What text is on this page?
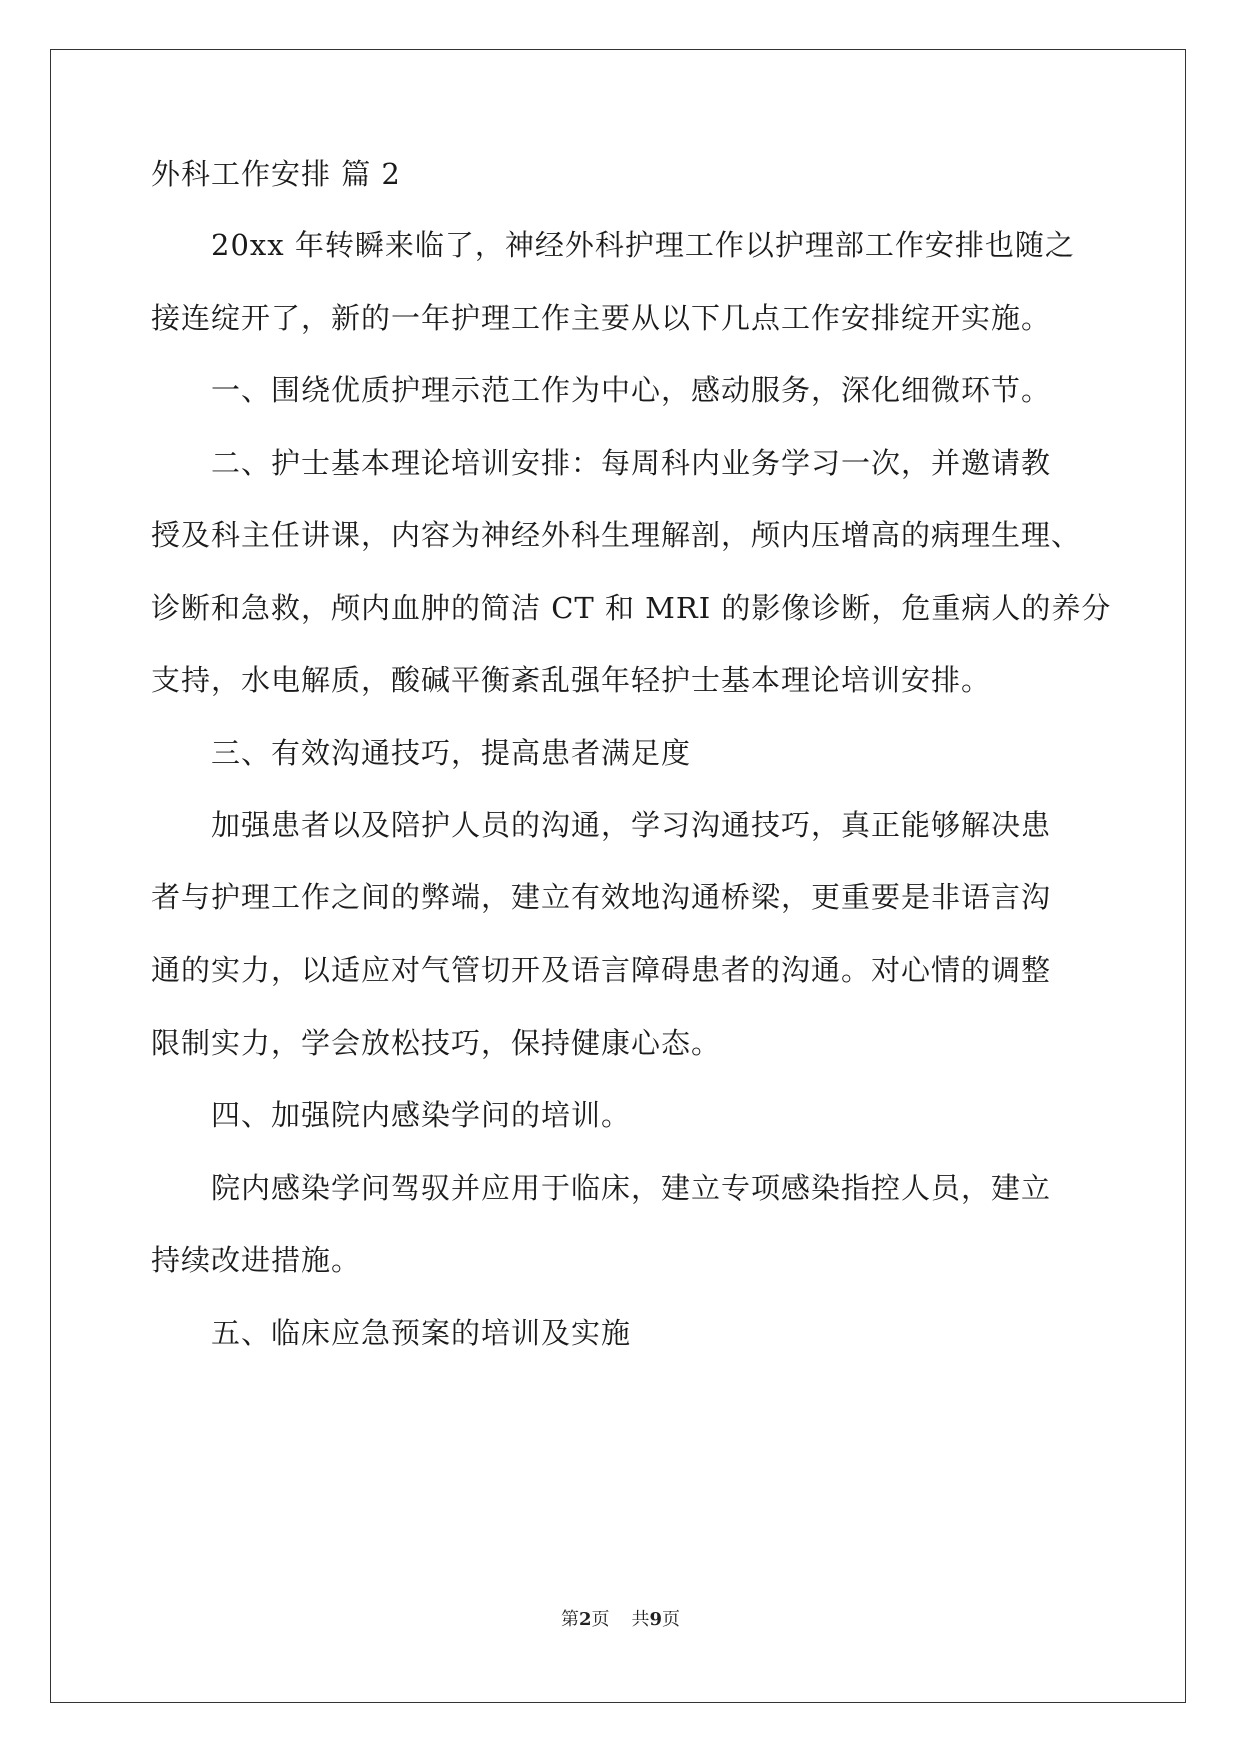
外科工作安排 篇 2
20xx 年转瞬来临了，神经外科护理工作以护理部工作安排也随之
接连绽开了，新的一年护理工作主要从以下几点工作安排绽开实施。
一、围绕优质护理示范工作为中心，感动服务，深化细微环节。
二、护士基本理论培训安排：每周科内业务学习一次，并邀请教
授及科主任讲课，内容为神经外科生理解剖，颅内压增高的病理生理、
诊断和急救，颅内血肿的简洁 CT 和 MRI 的影像诊断，危重病人的养分
支持，水电解质，酸碱平衡紊乱强年轻护士基本理论培训安排。
三、有效沟通技巧，提高患者满足度
加强患者以及陪护人员的沟通，学习沟通技巧，真正能够解决患
者与护理工作之间的弊端，建立有效地沟通桥梁，更重要是非语言沟
通的实力，以适应对气管切开及语言障碍患者的沟通。对心情的调整
限制实力，学会放松技巧，保持健康心态。
四、加强院内感染学问的培训。
院内感染学问驾驭并应用于临床，建立专项感染指控人员，建立
持续改进措施。
五、临床应急预案的培训及实施
第2页 共9页
